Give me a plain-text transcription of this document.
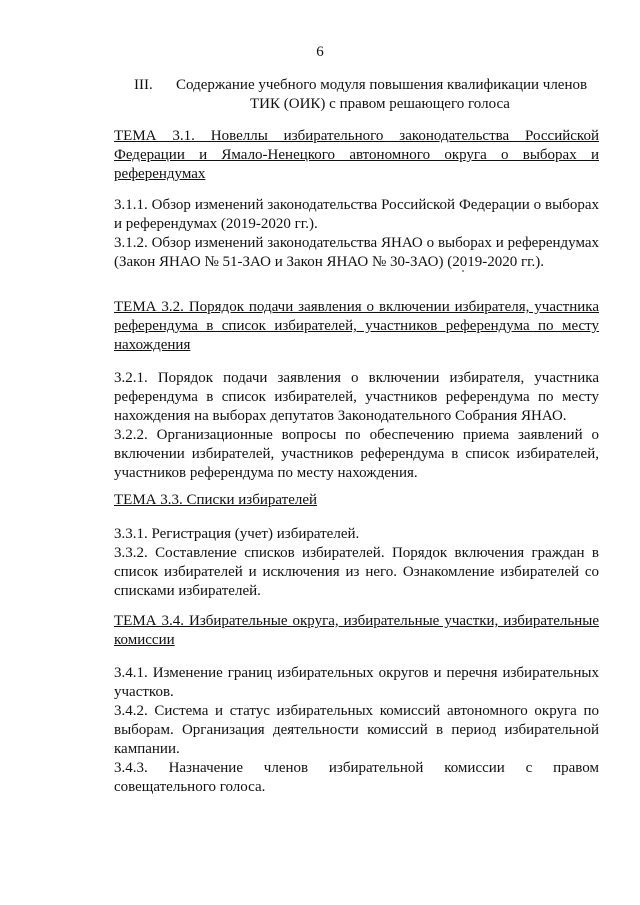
6
III. Содержание учебного модуля повышения квалификации членов
ТИК (ОИК) с правом решающего голоса

ТЕМА 3.1. Новеллы избирательного законодательства Российской Федерации и Ямало-Ненецкого автономного округа о выборах и референдумах

3.1.1. Обзор изменений законодательства Российской Федерации о выборах и референдумах (2019-2020 гг.).

3.1.2. Обзор изменений законодательства ЯНАО о выборах и референдумах (Закон ЯНАО № 51-ЗАО и Закон ЯНАО № 30-ЗАО) (2019-2020 гг.).

ТЕМА 3.2. Порядок подачи заявления о включении избирателя, участника референдума в список избирателей, участников референдума по месту нахождения

3.2.1. Порядок подачи заявления о включении избирателя, участника референдума в список избирателей, участников референдума по месту нахождения на выборах депутатов Законодательного Собрания ЯНАО.

3.2.2. Организационные вопросы по обеспечению приема заявлений о включении избирателей, участников референдума в список избирателей, участников референдума по месту нахождения.

ТЕМА 3.3. Списки избирателей

3.3.1. Регистрация (учет) избирателей.

3.3.2. Составление списков избирателей. Порядок включения граждан в список избирателей и исключения из него. Ознакомление избирателей со списками избирателей.

ТЕМА 3.4. Избирательные округа, избирательные участки, избирательные комиссии

3.4.1. Изменение границ избирательных округов и перечня избирательных участков.

3.4.2. Система и статус избирательных комиссий автономного округа по выборам. Организация деятельности комиссий в период избирательной кампании.

3.4.3. Назначение членов избирательной комиссии с правом совещательного голоса.
